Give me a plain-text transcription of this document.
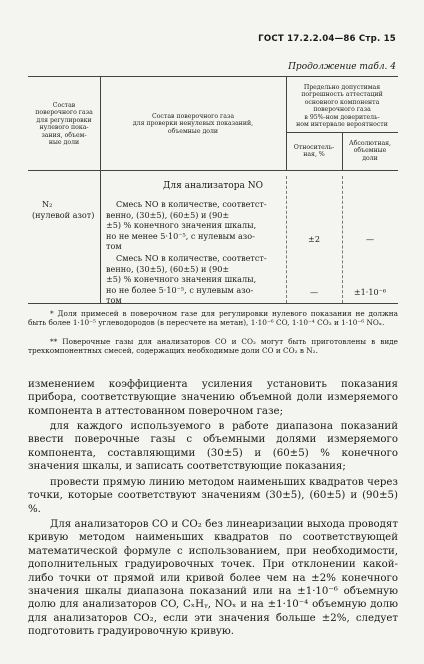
ГОСТ 17.2.2.04—86 Стр. 15
Продолжение табл. 4
Состав
поверочного газа
для регулировки
нулевого пока-
зания, объем-
ные доли
Состав поверочного газа
для проверки ненулевых показаний,
объемные доли
Предельно допустимая
погрешность аттестаций
основного компонента
поверочного газа
в 95%-ном доверитель-
ном интервале вероятности
Относитель-
ная, %
Абсолютная,
объемные
доли
Для анализатора NO
N₂
(нулевой азот)
Смесь NO в количестве, соответст-
венно, (30±5), (60±5) и (90±
±5) % конечного значения шкалы,
но не менее 5·10⁻⁵, с нулевым азо-
том
Смесь NO в количестве, соответст-
венно, (30±5), (60±5) и (90±
±5) % конечного значения шкалы,
но не более 5·10⁻⁵, с нулевым азо-
том
±2	—
—	±1·10⁻⁶
* Доля примесей в поверочном газе для регулировки нулевого показания не должна быть более 1·10⁻⁵ углеводородов (в пересчете на метан), 1·10⁻⁶ CO, 1·10⁻⁴ CO₂ и 1·10⁻⁶ NOₓ.
** Поверочные газы для анализаторов CO и CO₂ могут быть приготовлены в виде трехкомпонентных смесей, содержащих необходимые доли CO и CO₂ в N₂.
изменением коэффициента усиления установить показания прибора, соответствующие значению объемной доли измеряемого компонента в аттестованном поверочном газе;
для каждого используемого в работе диапазона показаний ввести поверочные газы с объемными долями измеряемого компонента, составляющими (30±5) и (60±5) % конечного значения шкалы, и записать соответствующие показания;
провести прямую линию методом наименьших квадратов через точки, которые соответствуют значениям (30±5), (60±5) и (90±5) %.
Для анализаторов CO и CO₂ без линеаризации выхода проводят кривую методом наименьших квадратов по соответствующей математической формуле с использованием, при необходимости, дополнительных градуировочных точек. При отклонении какой-либо точки от прямой или кривой более чем на ±2% конечного значения шкалы диапазона показаний или на ±1·10⁻⁶ объемную долю для анализаторов CO, CₓHᵧ, NOₓ и на ±1·10⁻⁴ объемную долю для анализаторов CO₂, если эти значения больше ±2%, следует подготовить градуировочную кривую.
